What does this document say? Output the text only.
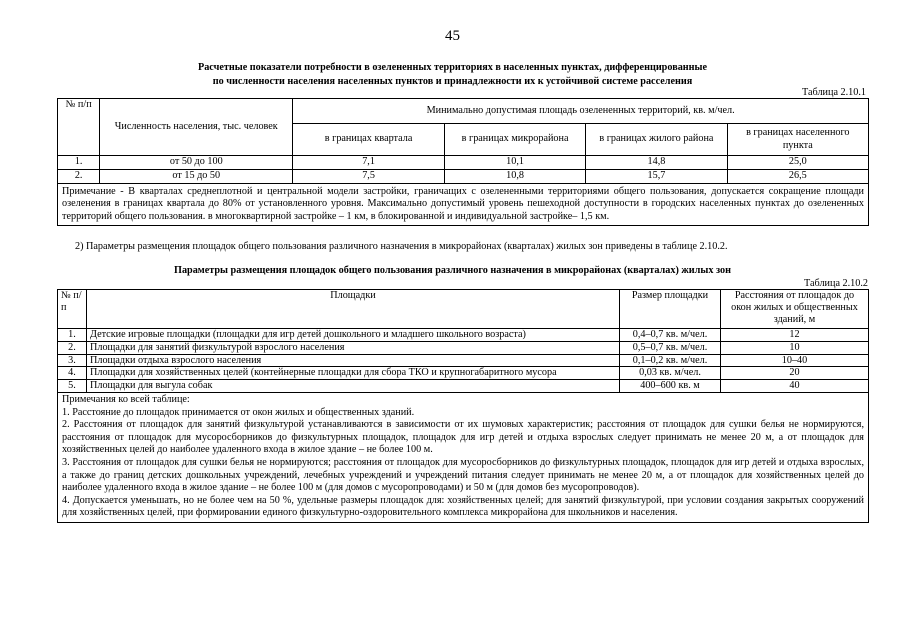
45
Расчетные показатели потребности в озелененных территориях в населенных пунктах, дифференцированные
по численности населения населенных пунктов и принадлежности их к устойчивой системе расселения
Таблица 2.10.1
№ п/п	Численность населения, тыс. человек	Минимально допустимая площадь озелененных территорий, кв. м/чел.			
		в границах квартала	в границах микрорайона	в границах жилого района	в границах населенного пункта
1.	от 50 до 100	7,1	10,1	14,8	25,0
2.	от 15 до 50	7,5	10,8	15,7	26,5
Примечание - В кварталах среднеплотной и центральной модели застройки, граничащих с озелененными территориями общего пользования, допускается сокращение площади озеленения в границах квартала до 80% от установленного уровня. Максимально допустимый уровень пешеходной доступности в городских населенных пунктах до озелененных территорий общего пользования. в многоквартирной застройке – 1 км, в блокированной и индивидуальной застройке– 1,5 км.					
2) Параметры размещения площадок общего пользования различного назначения в микрорайонах (кварталах) жилых зон приведены в таблице 2.10.2.
Параметры размещения площадок общего пользования различного назначения в микрорайонах (кварталах) жилых зон
Таблица 2.10.2
№ п/п	Площадки	Размер площадки	Расстояния от площадок до окон жилых и общественных зданий, м
1.	Детские игровые площадки (площадки для игр детей дошкольного и младшего школьного возраста)	0,4–0,7 кв. м/чел.	12
2.	Площадки для занятий физкультурой взрослого населения	0,5–0,7 кв. м/чел.	10
3.	Площадки отдыха взрослого населения	0,1–0,2 кв. м/чел.	10–40
4.	Площадки для хозяйственных целей (контейнерные площадки для сбора ТКО и крупногабаритного мусора	0,03 кв. м/чел.	20
5.	Площадки для выгула собак	400–600 кв. м	40

Примечания ко всей таблице:
1. Расстояние до площадок принимается от окон жилых и общественных зданий.
2. Расстояния от площадок для занятий физкультурой устанавливаются в зависимости от их шумовых характеристик; расстояния от площадок для сушки белья не нормируются, расстояния от площадок для мусоросборников до физкультурных площадок, площадок для игр детей и отдыха взрослых следует принимать не менее 20 м, а от площадок для хозяйственных целей до наиболее удаленного входа в жилое здание – не более 100 м.
3. Расстояния от площадок для сушки белья не нормируются; расстояния от площадок для мусоросборников до физкультурных площадок, площадок для игр детей и отдыха взрослых, а также до границ детских дошкольных учреждений, лечебных учреждений и учреждений питания следует принимать не менее 20 м, а от площадок для хозяйственных целей до наиболее удаленного входа в жилое здание – не более 100 м (для домов с мусоропроводами) и 50 м (для домов без мусоропроводов).
4. Допускается уменьшать, но не более чем на 50 %, удельные размеры площадок для: хозяйственных целей; для занятий физкультурой, при условии создания закрытых сооружений для хозяйственных целей, при формировании единого физкультурно-оздоровительного комплекса микрорайона для школьников и населения.			
